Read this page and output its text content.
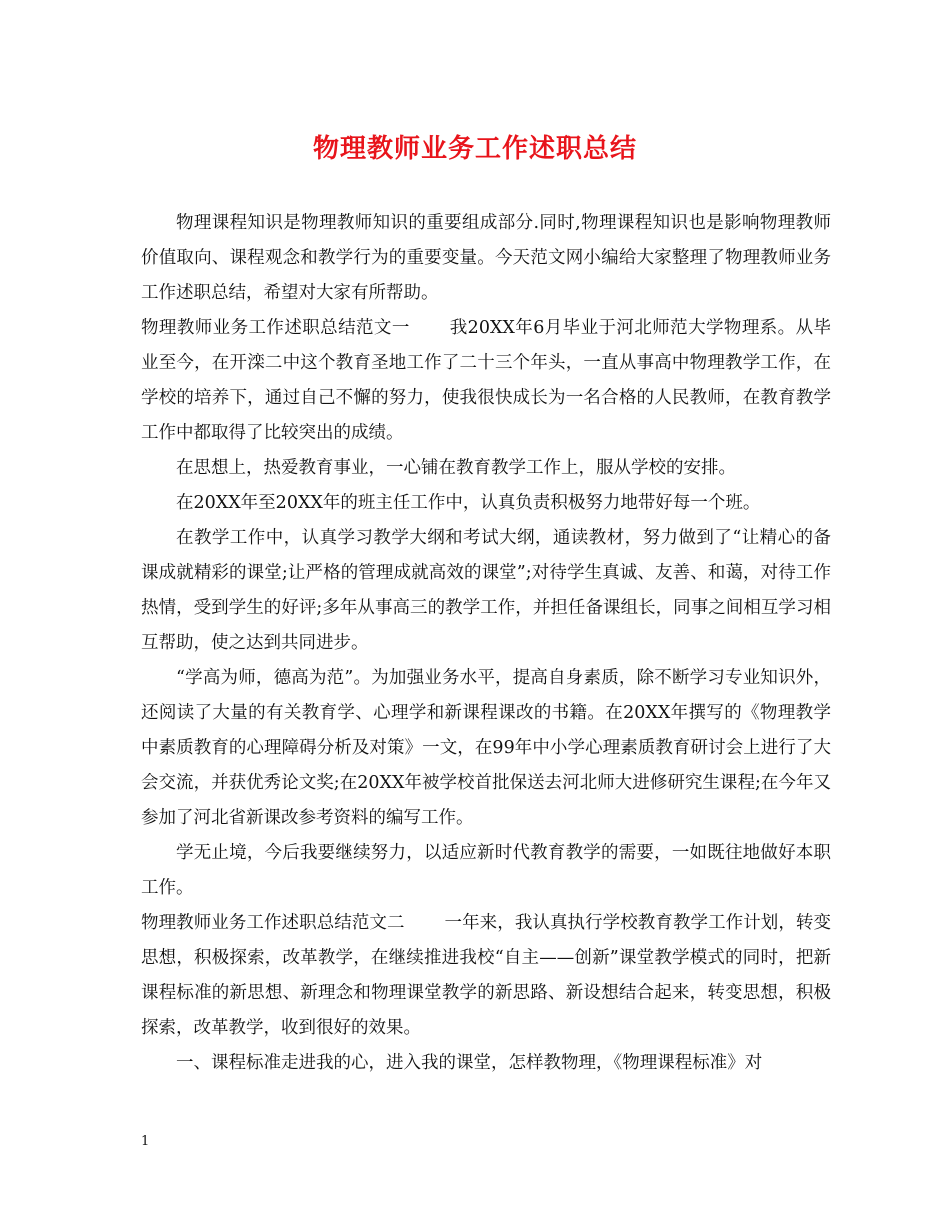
物理教师业务工作述职总结

物理课程知识是物理教师知识的重要组成部分.同时,物理课程知识也是影响物理教师价值取向、课程观念和教学行为的重要变量。今天范文网小编给大家整理了物理教师业务工作述职总结，希望对大家有所帮助。

物理教师业务工作述职总结范文一 我20XX年6月毕业于河北师范大学物理系。从毕业至今，在开滦二中这个教育圣地工作了二十三个年头，一直从事高中物理教学工作，在学校的培养下，通过自己不懈的努力，使我很快成长为一名合格的人民教师，在教育教学工作中都取得了比较突出的成绩。

在思想上，热爱教育事业，一心铺在教育教学工作上，服从学校的安排。

在20XX年至20XX年的班主任工作中，认真负责积极努力地带好每一个班。

在教学工作中，认真学习教学大纲和考试大纲，通读教材，努力做到了“让精心的备课成就精彩的课堂;让严格的管理成就高效的课堂”;对待学生真诚、友善、和蔼，对待工作热情，受到学生的好评;多年从事高三的教学工作，并担任备课组长，同事之间相互学习相互帮助，使之达到共同进步。

“学高为师，德高为范”。为加强业务水平，提高自身素质，除不断学习专业知识外，还阅读了大量的有关教育学、心理学和新课程课改的书籍。在20XX年撰写的《物理教学中素质教育的心理障碍分析及对策》一文，在99年中小学心理素质教育研讨会上进行了大会交流，并获优秀论文奖;在20XX年被学校首批保送去河北师大进修研究生课程;在今年又参加了河北省新课改参考资料的编写工作。

学无止境，今后我要继续努力，以适应新时代教育教学的需要，一如既往地做好本职工作。

物理教师业务工作述职总结范文二 一年来，我认真执行学校教育教学工作计划，转变思想，积极探索，改革教学，在继续推进我校“自主——创新”课堂教学模式的同时，把新课程标准的新思想、新理念和物理课堂教学的新思路、新设想结合起来，转变思想，积极探索，改革教学，收到很好的效果。

一、课程标准走进我的心，进入我的课堂，怎样教物理，《物理课程标准》对

1
